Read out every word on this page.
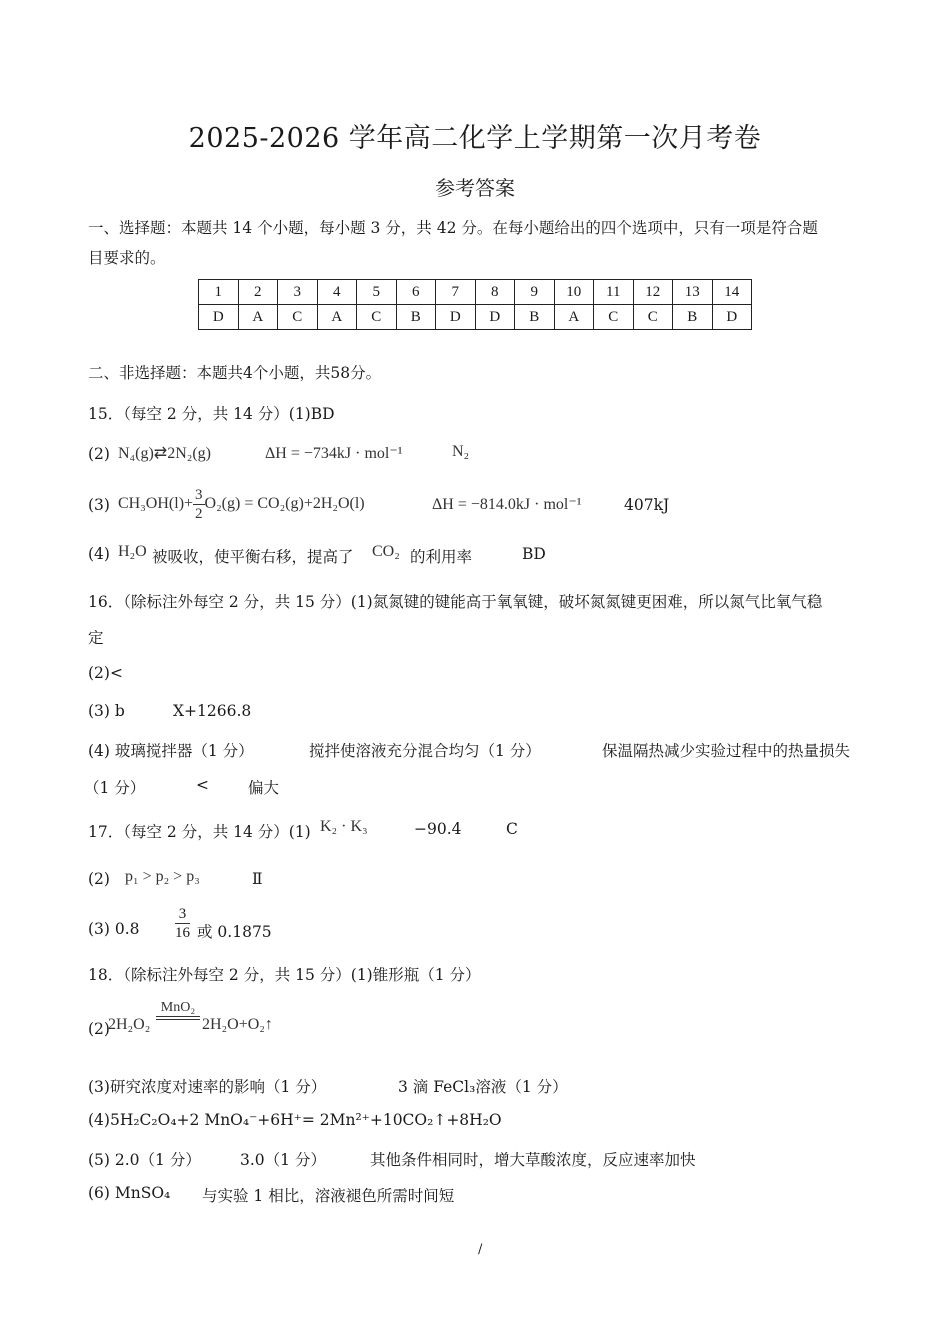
2025-2026 学年高二化学上学期第一次月考卷
参考答案
一、选择题：本题共 14 个小题，每小题 3 分，共 42 分。在每小题给出的四个选项中，只有一项是符合题
目要求的。
1	2	3	4	5	6	7	8	9	10	11	12	13	14
D	A	C	A	C	B	D	D	B	A	C	C	B	D
二、非选择题：本题共4个小题，共58分。
15．（每空 2 分，共 14 分）(1)BD
(2) N₄(g)⇄2N₂(g)	ΔH = −734kJ · mol⁻¹	N₂
(3) $CH_3OH(l)+ \frac{3}{2} O_2(g) = CO_2(g)+2H_2O(l)$	ΔH = −814.0kJ · mol⁻¹	407kJ
(4) H₂O 被吸收，使平衡右移，提高了 CO₂ 的利用率	BD
16．（除标注外每空 2 分，共 15 分）(1)氮氮键的键能高于氧氧键，破坏氮氮键更困难，所以氮气比氧气稳
定
(2)<
(3) b	X+1266.8
(4) 玻璃搅拌器（1 分）	搅拌使溶液充分混合均匀（1 分）	保温隔热减少实验过程中的热量损失
（1 分）	<	偏大
17．（每空 2 分，共 14 分）(1) K₂ · K₃	−90.4	C
(2) p₁ > p₂ > p₃	Ⅱ
(3) $0.8 \frac{3}{16}$ 或 0.1875
18．（除标注外每空 2 分，共 15 分）(1)锥形瓶（1 分）
(2)
2H₂O₂
MnO₂
2H₂O+O₂↑
(3)研究浓度对速率的影响（1 分）	3 滴 FeCl₃溶液（1 分）
(4)5H₂C₂O₄+2 MnO₄⁻+6H⁺= 2Mn²⁺+10CO₂↑+8H₂O
(5) 2.0（1 分）	3.0（1 分）	其他条件相同时，增大草酸浓度，反应速率加快
(6) MnSO₄ 与实验 1 相比，溶液褪色所需时间短
/
